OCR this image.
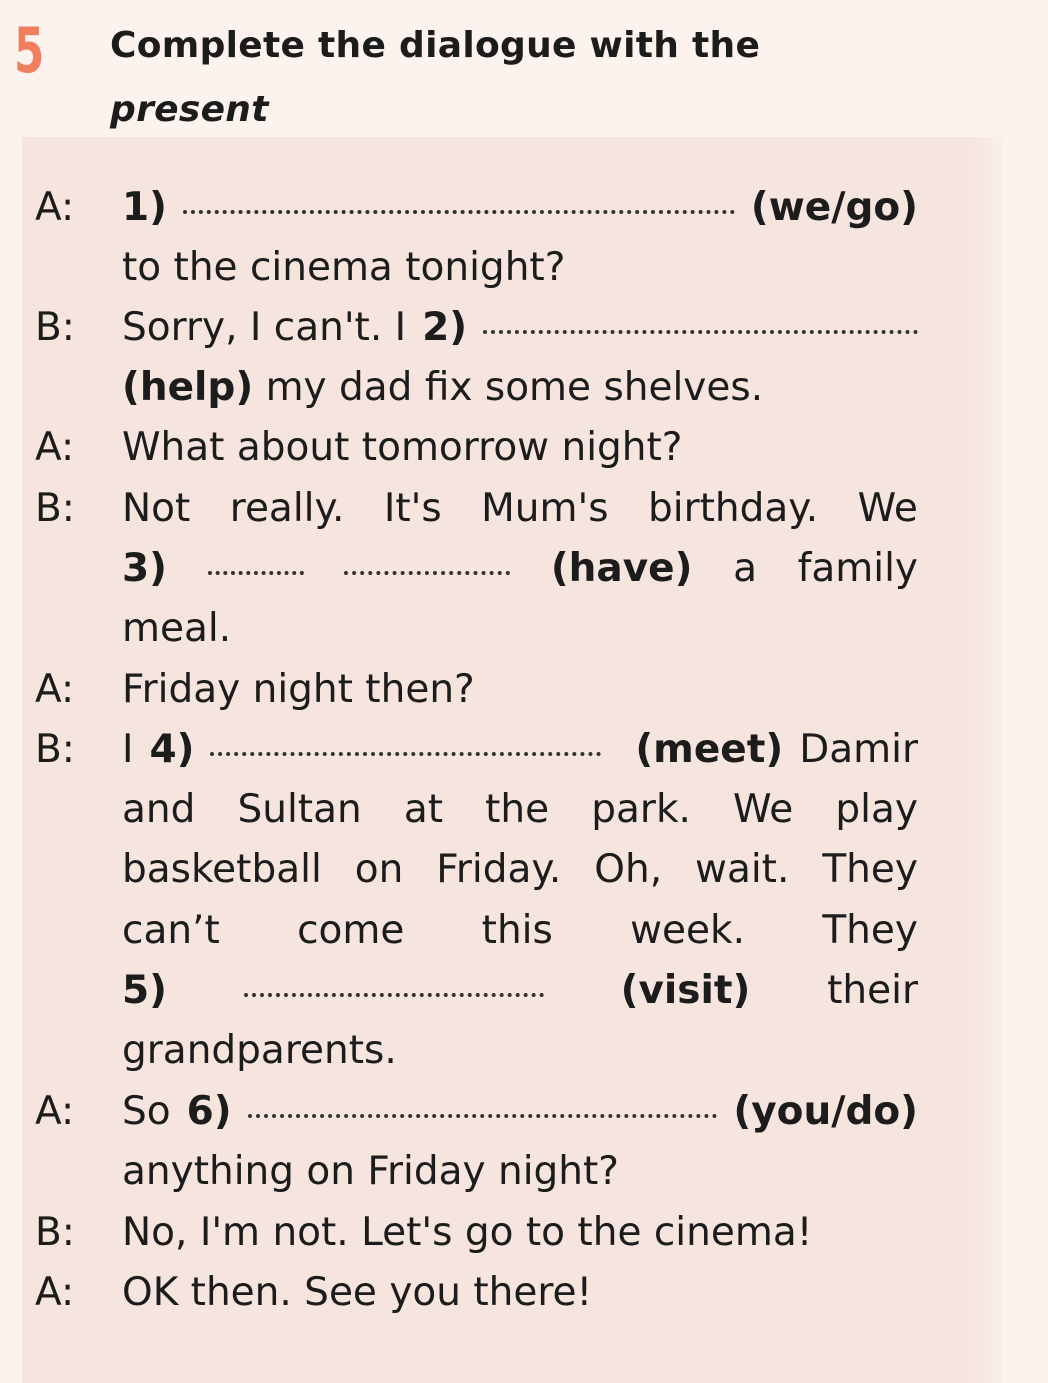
5 Complete the dialogue with the present

A: 1)	(we/go)
to the cinema tonight?
B: Sorry, I can't. I 2)
(help) my dad fix some shelves.
A: What about tomorrow night?
B: Not really. It's Mum's birthday. We
3)	(have) a family
meal.
A: Friday night then?
B: I 4)	(meet) Damir
and Sultan at the park. We play
basketball on Friday. Oh, wait. They
can’t come this week. They
5)	(visit) their
grandparents.
A: So 6)	(you/do)
anything on Friday night?
B: No, I'm not. Let's go to the cinema!
A: OK then. See you there!
